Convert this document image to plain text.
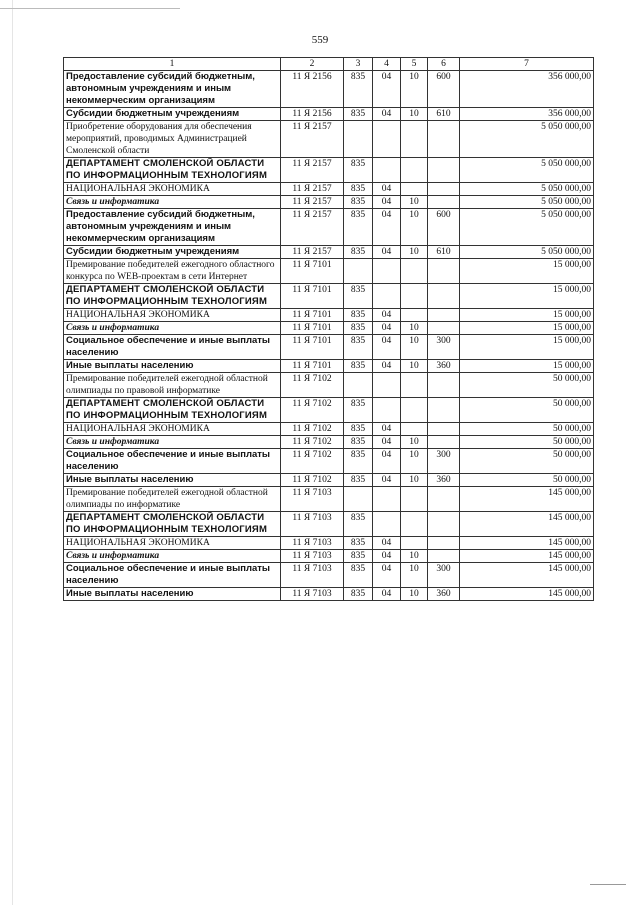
559
1	2	3	4	5	6	7
Предоставление субсидий бюджетным, автономным учреждениям и иным некоммерческим организациям	11 Я 2156	835	04	10	600	356 000,00
Субсидии бюджетным учреждениям	11 Я 2156	835	04	10	610	356 000,00
Приобретение оборудования для обеспечения мероприятий, проводимых Администрацией Смоленской области	11 Я 2157					5 050 000,00
ДЕПАРТАМЕНТ СМОЛЕНСКОЙ ОБЛАСТИ ПО ИНФОРМАЦИОННЫМ ТЕХНОЛОГИЯМ	11 Я 2157	835				5 050 000,00
НАЦИОНАЛЬНАЯ ЭКОНОМИКА	11 Я 2157	835	04			5 050 000,00
Связь и информатика	11 Я 2157	835	04	10		5 050 000,00
Предоставление субсидий бюджетным, автономным учреждениям и иным некоммерческим организациям	11 Я 2157	835	04	10	600	5 050 000,00
Субсидии бюджетным учреждениям	11 Я 2157	835	04	10	610	5 050 000,00
Премирование победителей ежегодного областного конкурса по WEB-проектам в сети Интернет	11 Я 7101					15 000,00
ДЕПАРТАМЕНТ СМОЛЕНСКОЙ ОБЛАСТИ ПО ИНФОРМАЦИОННЫМ ТЕХНОЛОГИЯМ	11 Я 7101	835				15 000,00
НАЦИОНАЛЬНАЯ ЭКОНОМИКА	11 Я 7101	835	04			15 000,00
Связь и информатика	11 Я 7101	835	04	10		15 000,00
Социальное обеспечение и иные выплаты населению	11 Я 7101	835	04	10	300	15 000,00
Иные выплаты населению	11 Я 7101	835	04	10	360	15 000,00
Премирование победителей ежегодной областной олимпиады по правовой информатике	11 Я 7102					50 000,00
ДЕПАРТАМЕНТ СМОЛЕНСКОЙ ОБЛАСТИ ПО ИНФОРМАЦИОННЫМ ТЕХНОЛОГИЯМ	11 Я 7102	835				50 000,00
НАЦИОНАЛЬНАЯ ЭКОНОМИКА	11 Я 7102	835	04			50 000,00
Связь и информатика	11 Я 7102	835	04	10		50 000,00
Социальное обеспечение и иные выплаты населению	11 Я 7102	835	04	10	300	50 000,00
Иные выплаты населению	11 Я 7102	835	04	10	360	50 000,00
Премирование победителей ежегодной областной олимпиады по информатике	11 Я 7103					145 000,00
ДЕПАРТАМЕНТ СМОЛЕНСКОЙ ОБЛАСТИ ПО ИНФОРМАЦИОННЫМ ТЕХНОЛОГИЯМ	11 Я 7103	835				145 000,00
НАЦИОНАЛЬНАЯ ЭКОНОМИКА	11 Я 7103	835	04			145 000,00
Связь и информатика	11 Я 7103	835	04	10		145 000,00
Социальное обеспечение и иные выплаты населению	11 Я 7103	835	04	10	300	145 000,00
Иные выплаты населению	11 Я 7103	835	04	10	360	145 000,00
